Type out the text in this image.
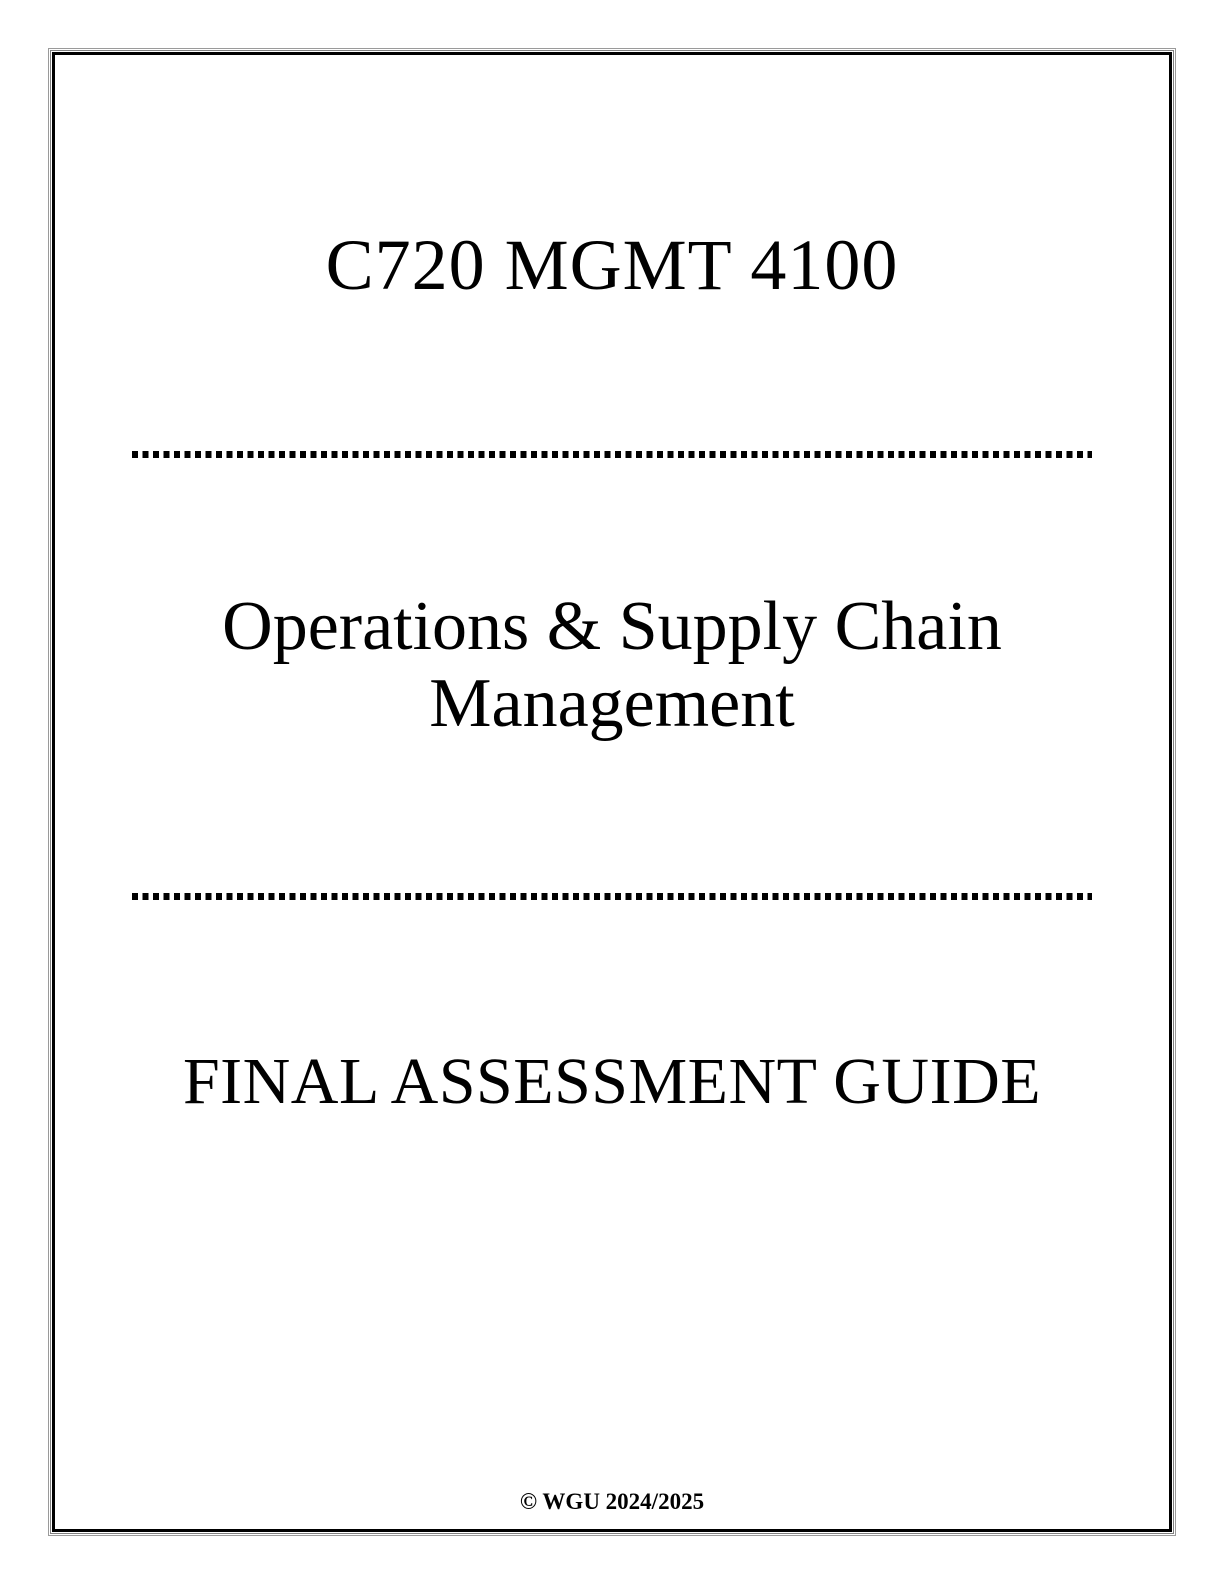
C720 MGMT 4100
Operations & Supply Chain
Management
FINAL ASSESSMENT GUIDE
© WGU 2024/2025
